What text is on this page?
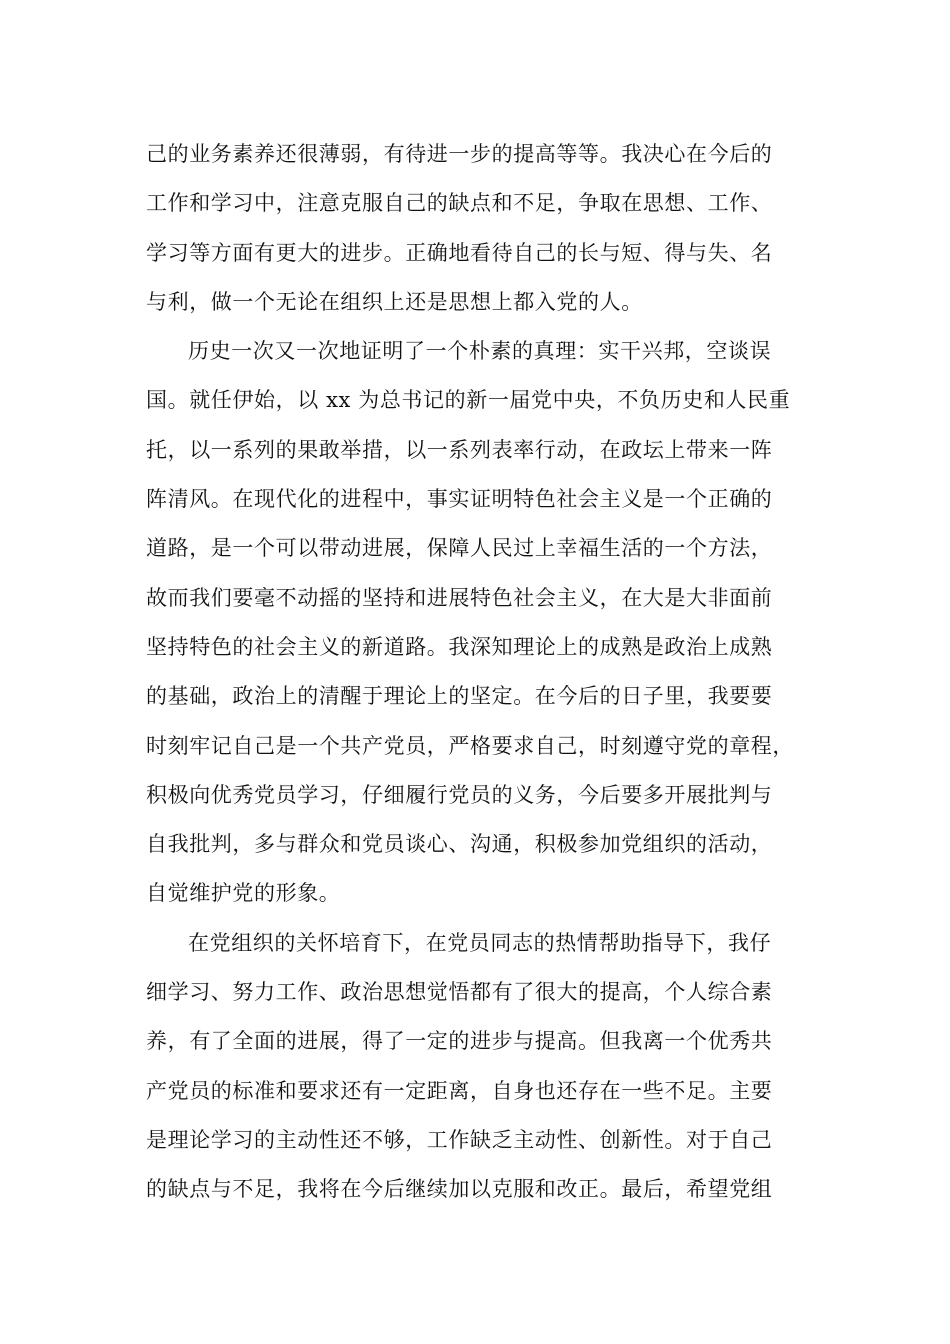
己的业务素养还很薄弱，有待进一步的提高等等。我决心在今后的
工作和学习中，注意克服自己的缺点和不足，争取在思想、工作、
学习等方面有更大的进步。正确地看待自己的长与短、得与失、名
与利，做一个无论在组织上还是思想上都入党的人。
历史一次又一次地证明了一个朴素的真理：实干兴邦，空谈误
国。就任伊始，以 xx 为总书记的新一届党中央，不负历史和人民重
托，以一系列的果敢举措，以一系列表率行动，在政坛上带来一阵
阵清风。在现代化的进程中，事实证明特色社会主义是一个正确的
道路，是一个可以带动进展，保障人民过上幸福生活的一个方法，
故而我们要毫不动摇的坚持和进展特色社会主义，在大是大非面前
坚持特色的社会主义的新道路。我深知理论上的成熟是政治上成熟
的基础，政治上的清醒于理论上的坚定。在今后的日子里，我要要
时刻牢记自己是一个共产党员，严格要求自己，时刻遵守党的章程，
积极向优秀党员学习，仔细履行党员的义务，今后要多开展批判与
自我批判，多与群众和党员谈心、沟通，积极参加党组织的活动，
自觉维护党的形象。
在党组织的关怀培育下，在党员同志的热情帮助指导下，我仔
细学习、努力工作、政治思想觉悟都有了很大的提高，个人综合素
养，有了全面的进展，得了一定的进步与提高。但我离一个优秀共
产党员的标准和要求还有一定距离，自身也还存在一些不足。主要
是理论学习的主动性还不够，工作缺乏主动性、创新性。对于自己
的缺点与不足，我将在今后继续加以克服和改正。最后，希望党组
